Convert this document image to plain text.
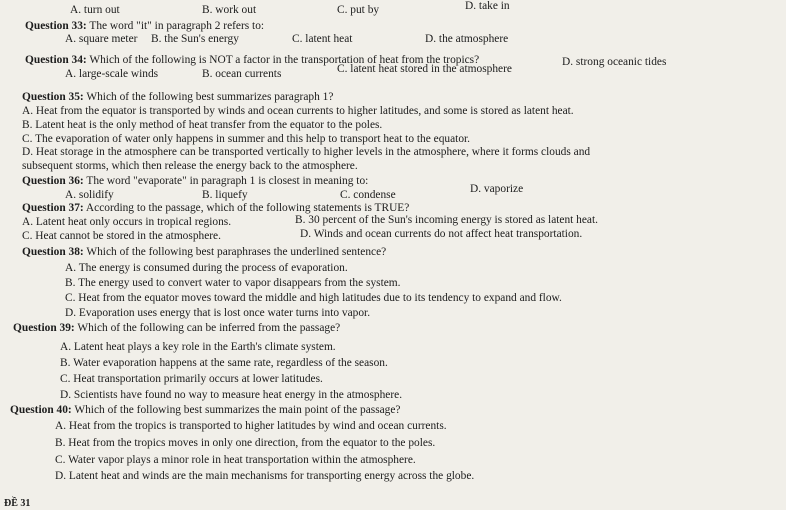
A. turn out	B. work out	C. put by	D. take in
Question 33: The word "it" in paragraph 2 refers to:
A. square meter B. the Sun's energy	C. latent heat	D. the atmosphere
Question 34: Which of the following is NOT a factor in the transportation of heat from the tropics?
A. large-scale winds	B. ocean currents	C. latent heat stored in the atmosphere
D. strong oceanic tides
Question 35: Which of the following best summarizes paragraph 1?
A. Heat from the equator is transported by winds and ocean currents to higher latitudes, and some is stored as latent heat.
B. Latent heat is the only method of heat transfer from the equator to the poles.
C. The evaporation of water only happens in summer and this help to transport heat to the equator.
D. Heat storage in the atmosphere can be transported vertically to higher levels in the atmosphere, where it forms clouds and
subsequent storms, which then release the energy back to the atmosphere.
Question 36: The word "evaporate" in paragraph 1 is closest in meaning to:
A. solidify	B. liquefy	C. condense	D. vaporize
Question 37: According to the passage, which of the following statements is TRUE?
A. Latent heat only occurs in tropical regions.	B. 30 percent of the Sun's incoming energy is stored as latent heat.
C. Heat cannot be stored in the atmosphere.	D. Winds and ocean currents do not affect heat transportation.
Question 38: Which of the following best paraphrases the underlined sentence?
A. The energy is consumed during the process of evaporation.
B. The energy used to convert water to vapor disappears from the system.
C. Heat from the equator moves toward the middle and high latitudes due to its tendency to expand and flow.
D. Evaporation uses energy that is lost once water turns into vapor.
Question 39: Which of the following can be inferred from the passage?
A. Latent heat plays a key role in the Earth's climate system.
B. Water evaporation happens at the same rate, regardless of the season.
C. Heat transportation primarily occurs at lower latitudes.
D. Scientists have found no way to measure heat energy in the atmosphere.
Question 40: Which of the following best summarizes the main point of the passage?
A. Heat from the tropics is transported to higher latitudes by wind and ocean currents.
B. Heat from the tropics moves in only one direction, from the equator to the poles.
C. Water vapor plays a minor role in heat transportation within the atmosphere.
D. Latent heat and winds are the main mechanisms for transporting energy across the globe.
ĐỀ 31
